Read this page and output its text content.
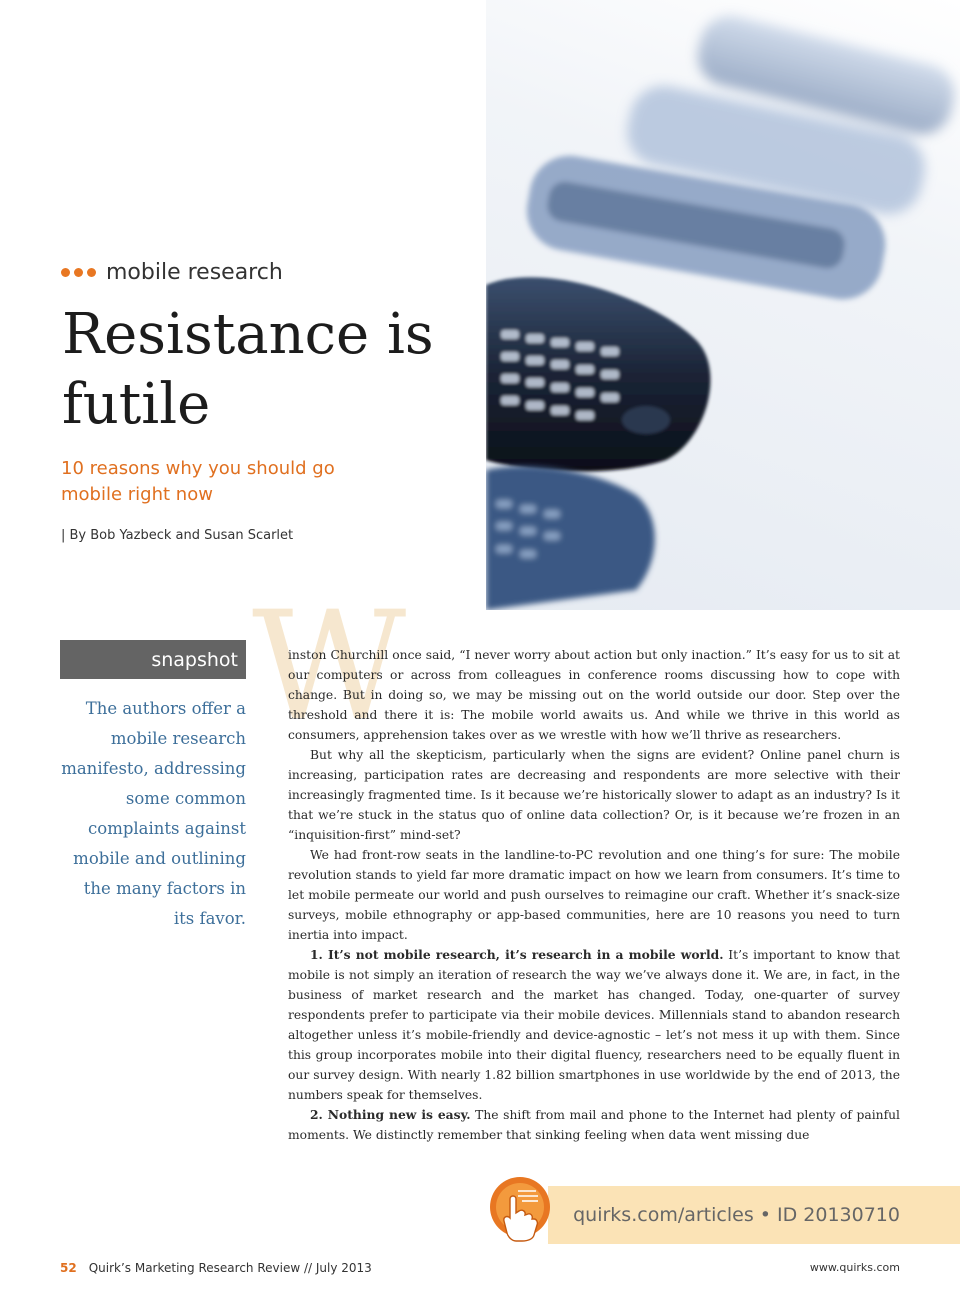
mobile research
Resistance is futile

10 reasons why you should go mobile right now

| By Bob Yazbeck and Susan Scarlet

snapshot

The authors offer a mobile research manifesto, addressing some common complaints against mobile and outlining the many factors in its favor.

W

inston Churchill once said, “I never worry about action but only inaction.” It’s easy for us to sit at our computers or across from colleagues in conference rooms discussing how to cope with change. But in doing so, we may be missing out on the world outside our door. Step over the threshold and there it is: The mobile world awaits us. And while we thrive in this world as consumers, apprehension takes over as we wrestle with how we’ll thrive as researchers.

But why all the skepticism, particularly when the signs are evident? Online panel churn is increasing, participation rates are decreasing and respondents are more selective with their increasingly fragmented time. Is it because we’re historically slower to adapt as an industry? Is it that we’re stuck in the status quo of online data collection? Or, is it because we’re frozen in an “inquisition-first” mind-set?

We had front-row seats in the landline-to-PC revolution and one thing’s for sure: The mobile revolution stands to yield far more dramatic impact on how we learn from consumers. It’s time to let mobile permeate our world and push ourselves to reimagine our craft. Whether it’s snack-size surveys, mobile ethnography or app-based communities, here are 10 reasons you need to turn inertia into impact.

1. It’s not mobile research, it’s research in a mobile world. It’s important to know that mobile is not simply an iteration of research the way we’ve always done it. We are, in fact, in the business of market research and the market has changed. Today, one-quarter of survey respondents prefer to participate via their mobile devices. Millennials stand to abandon research altogether unless it’s mobile-friendly and device-agnostic – let’s not mess it up with them. Since this group incorporates mobile into their digital fluency, researchers need to be equally fluent in our survey design. With nearly 1.82 billion smartphones in use worldwide by the end of 2013, the numbers speak for themselves.

2. Nothing new is easy. The shift from mail and phone to the Internet had plenty of painful moments. We distinctly remember that sinking feeling when data went missing due

quirks.com/articles • ID 20130710
52 Quirk’s Marketing Research Review // July 2013	www.quirks.com
